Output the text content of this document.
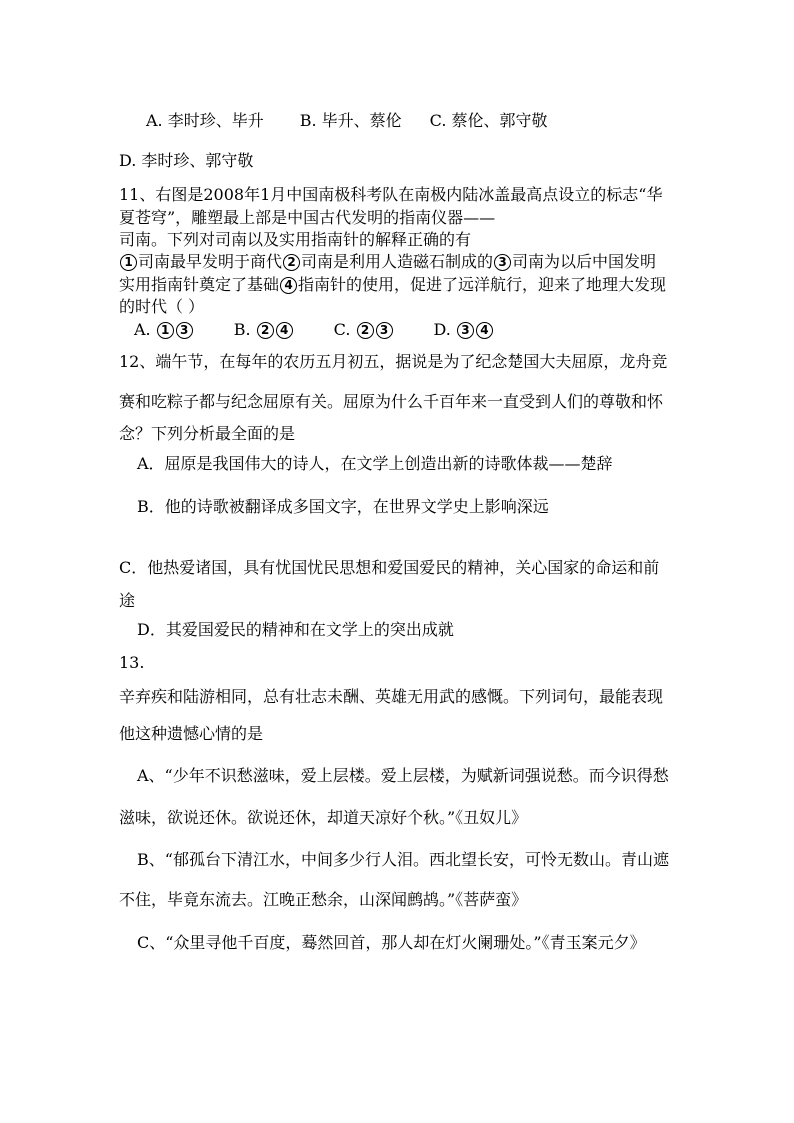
A. 李时珍、毕升 B. 毕升、蔡伦 C. 蔡伦、郭守敬
D. 李时珍、郭守敬
11、右图是2008年1月中国南极科考队在南极内陆冰盖最高点设立的标志“华
夏苍穹”，雕塑最上部是中国古代发明的指南仪器——
司南。下列对司南以及实用指南针的解释正确的有
1 司南最早发明于商代 2 司南是利用人造磁石制成的 3 司南为以后中国发明
实用指南针奠定了基础 4 指南针的使用，促进了远洋航行，迎来了地理大发现
的时代（ ）
A. 1 3	B. 2 4	C. 2 3	D. 3 4
12、端午节，在每年的农历五月初五，据说是为了纪念楚国大夫屈原，龙舟竞
赛和吃粽子都与纪念屈原有关。屈原为什么千百年来一直受到人们的尊敬和怀
念？下列分析最全面的是
A．屈原是我国伟大的诗人，在文学上创造出新的诗歌体裁——楚辞
B．他的诗歌被翻译成多国文字，在世界文学史上影响深远
C．他热爱诸国，具有忧国忧民思想和爱国爱民的精神，关心国家的命运和前
途
D．其爱国爱民的精神和在文学上的突出成就
13.
辛弃疾和陆游相同，总有壮志未酬、英雄无用武的感慨。下列词句，最能表现
他这种遗憾心情的是
A、“少年不识愁滋味，爱上层楼。爱上层楼，为赋新词强说愁。而今识得愁
滋味，欲说还休。欲说还休，却道天凉好个秋。”《丑奴儿》
B、“郁孤台下清江水，中间多少行人泪。西北望长安，可怜无数山。青山遮
不住，毕竟东流去。江晚正愁余，山深闻鹧鸪。”《菩萨蛮》
C、“众里寻他千百度，蓦然回首，那人却在灯火阑珊处。”《青玉案元夕》
